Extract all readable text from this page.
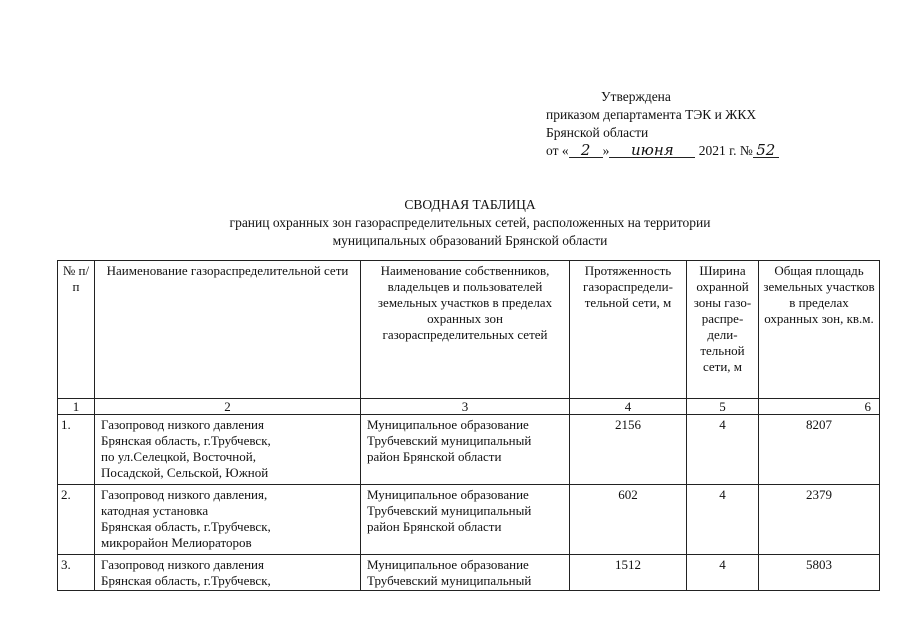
Утверждена
приказом департамента ТЭК и ЖКХ
Брянской области
от « 2 » июня 2021 г. № 52
СВОДНАЯ ТАБЛИЦА
границ охранных зон газораспределительных сетей, расположенных на территории
муниципальных образований Брянской области
№ п/п	Наименование газораспределительной сети	Наименование собственников, владельцев и пользователей земельных участков в пределах охранных зон газораспределительных сетей	Протяженность газораспредели-тельной сети, м	Ширина охранной зоны газо-распре-дели-тельной сети, м	Общая площадь земельных участков в пределах охранных зон, кв.м.
1	2	3	4	5	6
1.	Газопровод низкого давления
Брянская область, г.Трубчевск,
по ул.Селецкой, Восточной,
Посадской, Сельской, Южной	Муниципальное образование
Трубчевский муниципальный
район Брянской области	2156	4	8207
2.	Газопровод низкого давления,
катодная установка
Брянская область, г.Трубчевск,
микрорайон Мелиораторов	Муниципальное образование
Трубчевский муниципальный
район Брянской области	602	4	2379
3.	Газопровод низкого давления
Брянская область, г.Трубчевск,	Муниципальное образование
Трубчевский муниципальный	1512	4	5803
